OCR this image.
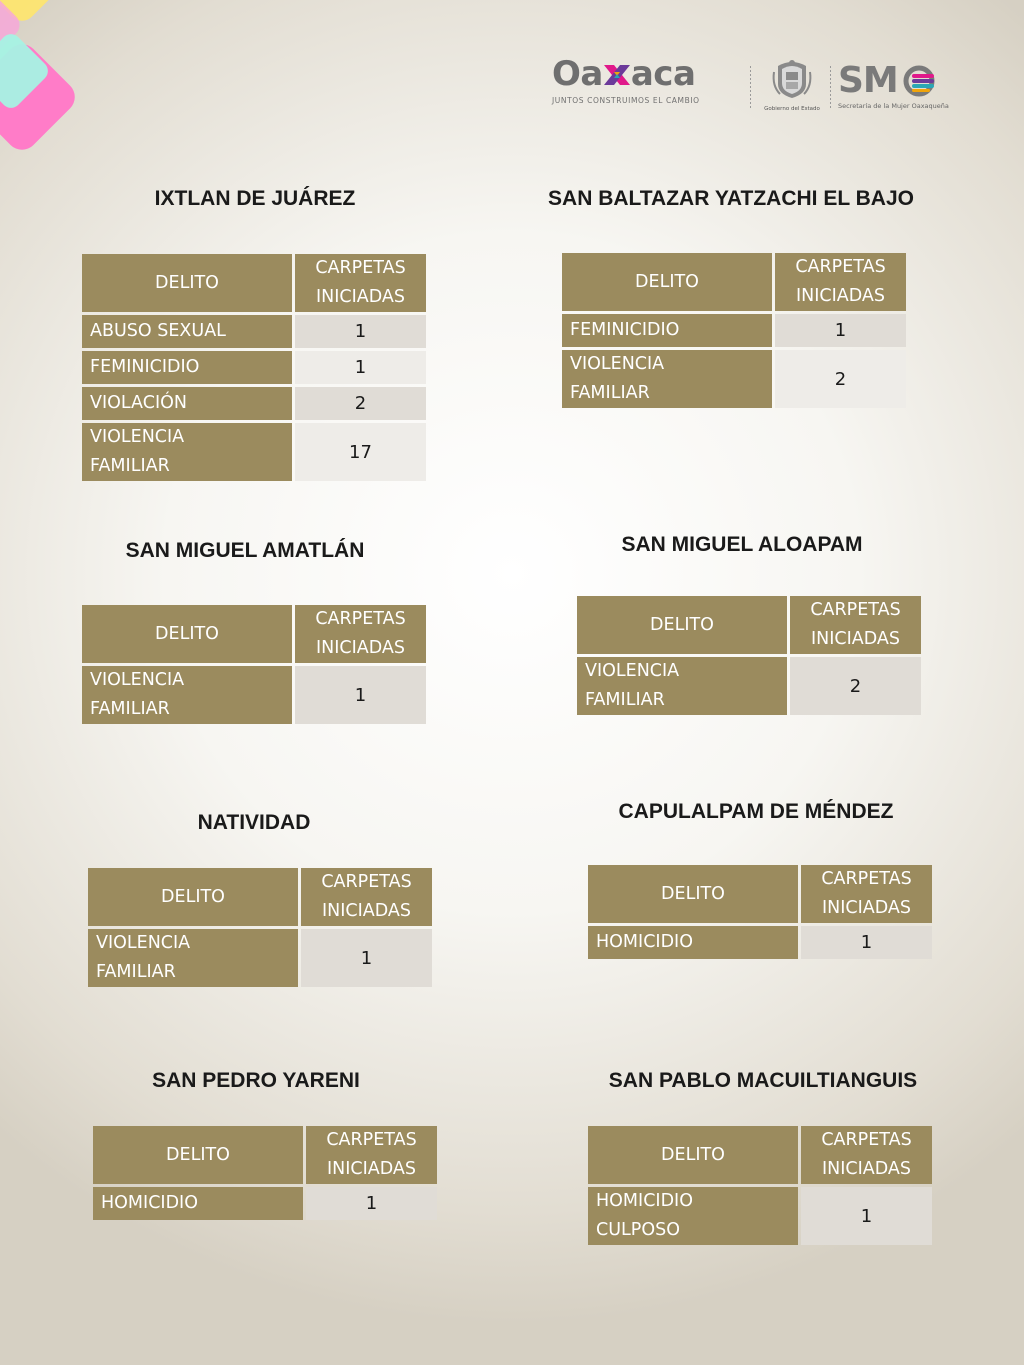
Oa aca
JUNTOS CONSTRUIMOS EL CAMBIO
Gobierno del Estado
SM
Secretaría de la Mujer Oaxaqueña
IXTLAN DE JUÁREZ
DELITO	CARPETAS
INICIADAS
ABUSO SEXUAL	1
FEMINICIDIO	1
VIOLACIÓN	2
VIOLENCIA
FAMILIAR	17
SAN BALTAZAR YATZACHI EL BAJO
DELITO	CARPETAS
INICIADAS
FEMINICIDIO	1
VIOLENCIA
FAMILIAR	2
SAN MIGUEL AMATLÁN
DELITO	CARPETAS
INICIADAS
VIOLENCIA
FAMILIAR	1
SAN MIGUEL ALOAPAM
DELITO	CARPETAS
INICIADAS
VIOLENCIA
FAMILIAR	2
NATIVIDAD
DELITO	CARPETAS
INICIADAS
VIOLENCIA
FAMILIAR	1
CAPULALPAM DE MÉNDEZ
DELITO	CARPETAS
INICIADAS
HOMICIDIO	1
SAN PEDRO YARENI
DELITO	CARPETAS
INICIADAS
HOMICIDIO	1
SAN PABLO MACUILTIANGUIS
DELITO	CARPETAS
INICIADAS
HOMICIDIO
CULPOSO	1
